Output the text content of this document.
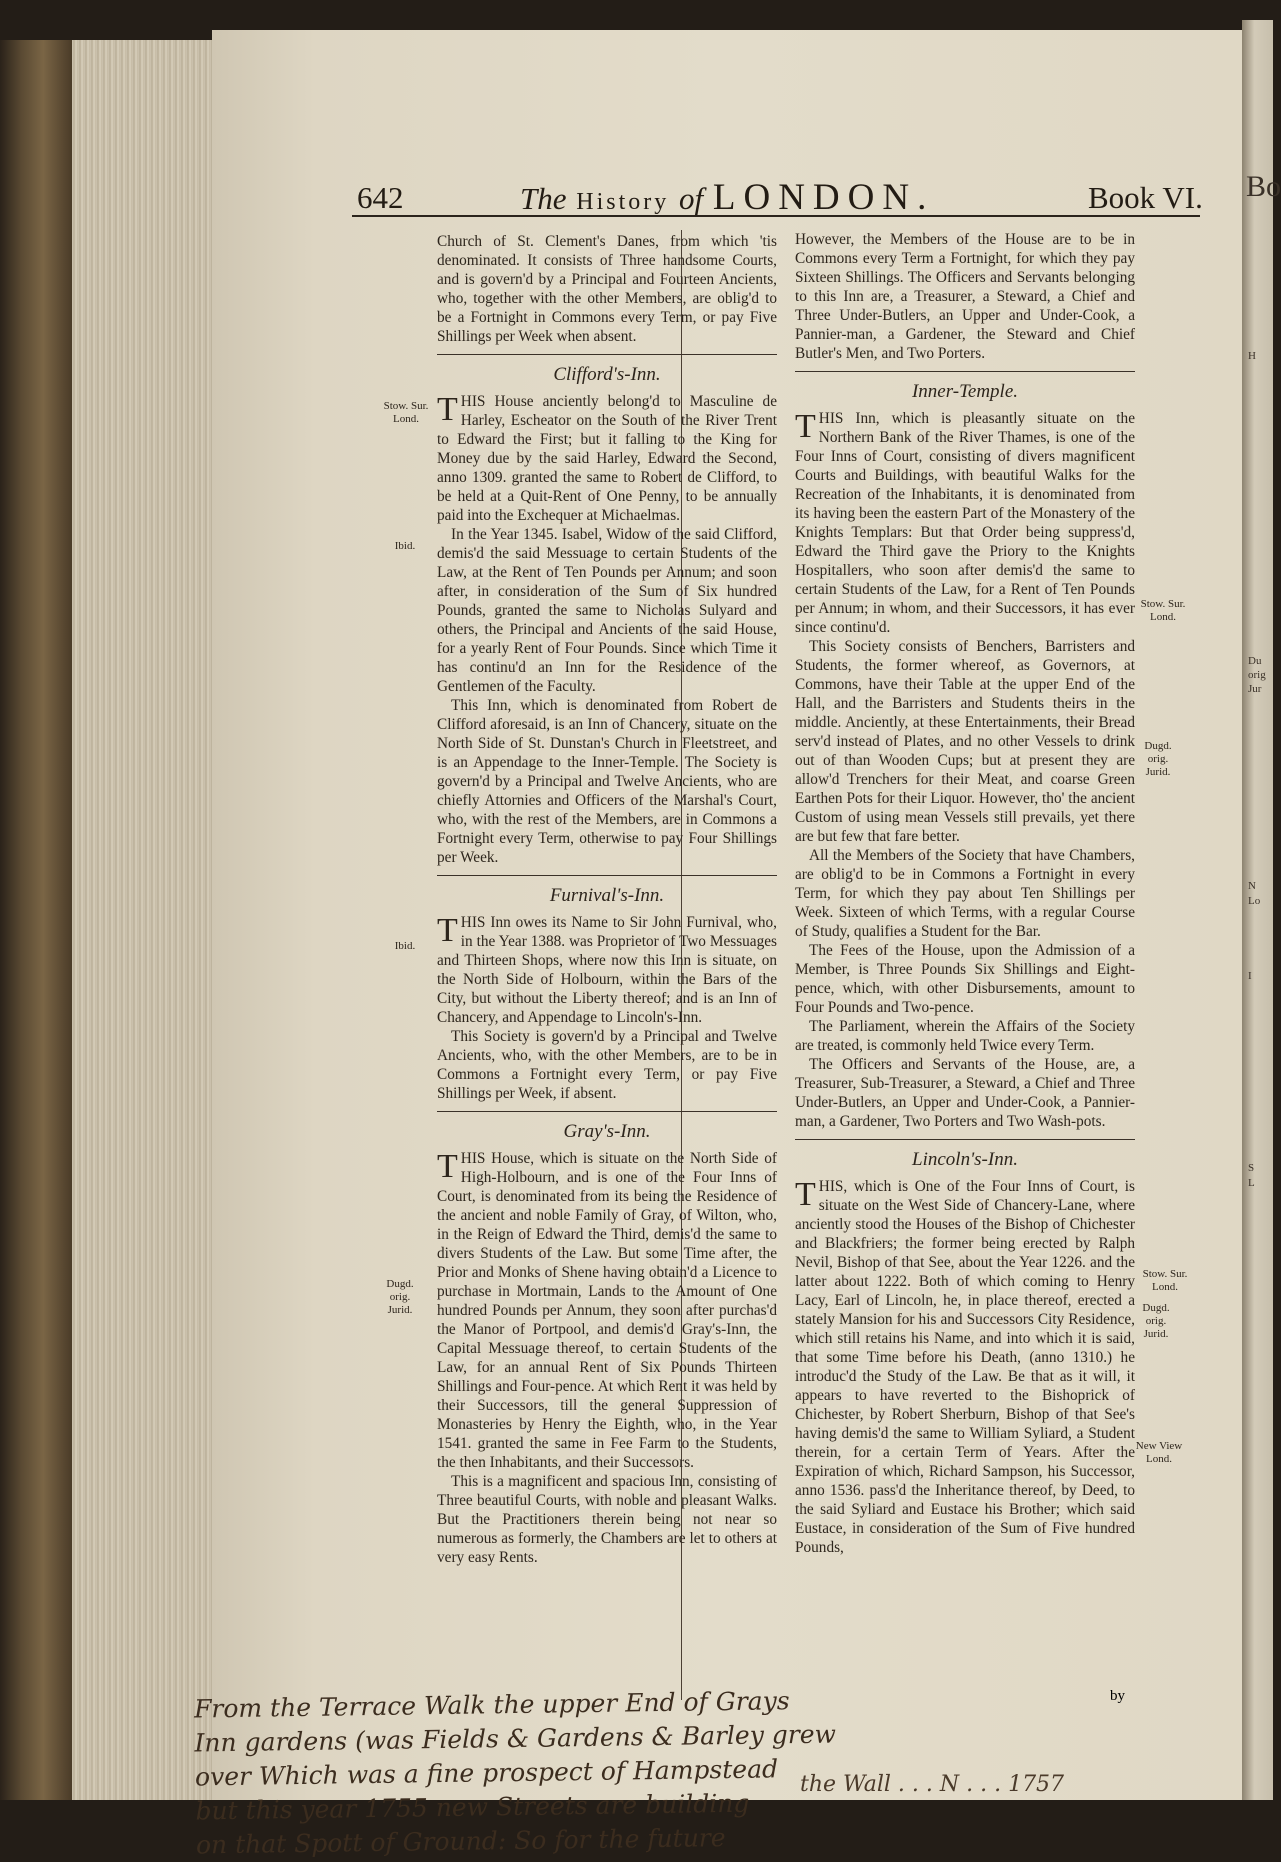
Bo
H
Du
orig
Jur
N
Lo
I
S
L
642	The History of LONDON.	Book VI.

Church of St. Clement's Danes, from which 'tis denominated. It consists of Three handsome Courts, and is govern'd by a Principal and Fourteen Ancients, who, together with the other Members, are oblig'd to be a Fortnight in Commons every Term, or pay Five Shillings per Week when absent.

Clifford's-Inn.

THIS House anciently belong'd to Masculine de Harley, Escheator on the South of the River Trent to Edward the First; but it falling to the King for Money due by the said Harley, Edward the Second, anno 1309. granted the same to Robert de Clifford, to be held at a Quit-Rent of One Penny, to be annually paid into the Exchequer at Michaelmas.

In the Year 1345. Isabel, Widow of the said Clifford, demis'd the said Messuage to certain Students of the Law, at the Rent of Ten Pounds per Annum; and soon after, in consideration of the Sum of Six hundred Pounds, granted the same to Nicholas Sulyard and others, the Principal and Ancients of the said House, for a yearly Rent of Four Pounds. Since which Time it has continu'd an Inn for the Residence of the Gentlemen of the Faculty.

This Inn, which is denominated from Robert de Clifford aforesaid, is an Inn of Chancery, situate on the North Side of St. Dunstan's Church in Fleetstreet, and is an Appendage to the Inner-Temple. The Society is govern'd by a Principal and Twelve Ancients, who are chiefly Attornies and Officers of the Marshal's Court, who, with the rest of the Members, are in Commons a Fortnight every Term, otherwise to pay Four Shillings per Week.

Furnival's-Inn.

THIS Inn owes its Name to Sir John Furnival, who, in the Year 1388. was Proprietor of Two Messuages and Thirteen Shops, where now this Inn is situate, on the North Side of Holbourn, within the Bars of the City, but without the Liberty thereof; and is an Inn of Chancery, and Appendage to Lincoln's-Inn.

This Society is govern'd by a Principal and Twelve Ancients, who, with the other Members, are to be in Commons a Fortnight every Term, or pay Five Shillings per Week, if absent.

Gray's-Inn.

THIS House, which is situate on the North Side of High-Holbourn, and is one of the Four Inns of Court, is denominated from its being the Residence of the ancient and noble Family of Gray, of Wilton, who, in the Reign of Edward the Third, demis'd the same to divers Students of the Law. But some Time after, the Prior and Monks of Shene having obtain'd a Licence to purchase in Mortmain, Lands to the Amount of One hundred Pounds per Annum, they soon after purchas'd the Manor of Portpool, and demis'd Gray's-Inn, the Capital Messuage thereof, to certain Students of the Law, for an annual Rent of Six Pounds Thirteen Shillings and Four-pence. At which Rent it was held by their Successors, till the general Suppression of Monasteries by Henry the Eighth, who, in the Year 1541. granted the same in Fee Farm to the Students, the then Inhabitants, and their Successors.

This is a magnificent and spacious Inn, consisting of Three beautiful Courts, with noble and pleasant Walks. But the Practitioners therein being not near so numerous as formerly, the Chambers are let to others at very easy Rents.

However, the Members of the House are to be in Commons every Term a Fortnight, for which they pay Sixteen Shillings. The Officers and Servants belonging to this Inn are, a Treasurer, a Steward, a Chief and Three Under-Butlers, an Upper and Under-Cook, a Pannier-man, a Gardener, the Steward and Chief Butler's Men, and Two Porters.

Inner-Temple.

THIS Inn, which is pleasantly situate on the Northern Bank of the River Thames, is one of the Four Inns of Court, consisting of divers magnificent Courts and Buildings, with beautiful Walks for the Recreation of the Inhabitants, it is denominated from its having been the eastern Part of the Monastery of the Knights Templars: But that Order being suppress'd, Edward the Third gave the Priory to the Knights Hospitallers, who soon after demis'd the same to certain Students of the Law, for a Rent of Ten Pounds per Annum; in whom, and their Successors, it has ever since continu'd.

This Society consists of Benchers, Barristers and Students, the former whereof, as Governors, at Commons, have their Table at the upper End of the Hall, and the Barristers and Students theirs in the middle. Anciently, at these Entertainments, their Bread serv'd instead of Plates, and no other Vessels to drink out of than Wooden Cups; but at present they are allow'd Trenchers for their Meat, and coarse Green Earthen Pots for their Liquor. However, tho' the ancient Custom of using mean Vessels still prevails, yet there are but few that fare better.

All the Members of the Society that have Chambers, are oblig'd to be in Commons a Fortnight in every Term, for which they pay about Ten Shillings per Week. Sixteen of which Terms, with a regular Course of Study, qualifies a Student for the Bar.

The Fees of the House, upon the Admission of a Member, is Three Pounds Six Shillings and Eight-pence, which, with other Disbursements, amount to Four Pounds and Two-pence.

The Parliament, wherein the Affairs of the Society are treated, is commonly held Twice every Term.

The Officers and Servants of the House, are, a Treasurer, Sub-Treasurer, a Steward, a Chief and Three Under-Butlers, an Upper and Under-Cook, a Pannier-man, a Gardener, Two Porters and Two Wash-pots.

Lincoln's-Inn.

THIS, which is One of the Four Inns of Court, is situate on the West Side of Chancery-Lane, where anciently stood the Houses of the Bishop of Chichester and Blackfriers; the former being erected by Ralph Nevil, Bishop of that See, about the Year 1226. and the latter about 1222. Both of which coming to Henry Lacy, Earl of Lincoln, he, in place thereof, erected a stately Mansion for his and Successors City Residence, which still retains his Name, and into which it is said, that some Time before his Death, (anno 1310.) he introduc'd the Study of the Law. Be that as it will, it appears to have reverted to the Bishoprick of Chichester, by Robert Sherburn, Bishop of that See's having demis'd the same to William Syliard, a Student therein, for a certain Term of Years. After the Expiration of which, Richard Sampson, his Successor, anno 1536. pass'd the Inheritance thereof, by Deed, to the said Syliard and Eustace his Brother; which said Eustace, in consideration of the Sum of Five hundred Pounds,

by
Stow. Sur. Lond.
Ibid.
Ibid.
Dugd. orig. Jurid.
Stow. Sur. Lond.
Dugd. orig. Jurid.
Stow. Sur. Lond.
Dugd. orig. Jurid.
New View Lond.
From the Terrace Walk the upper End of Grays
Inn gardens (was Fields & Gardens & Barley grew
over Which was a fine prospect of Hampstead
but this year 1755 new Streets are building
on that Spott of Ground: So for the future
the Wall . . . N . . . 1757
